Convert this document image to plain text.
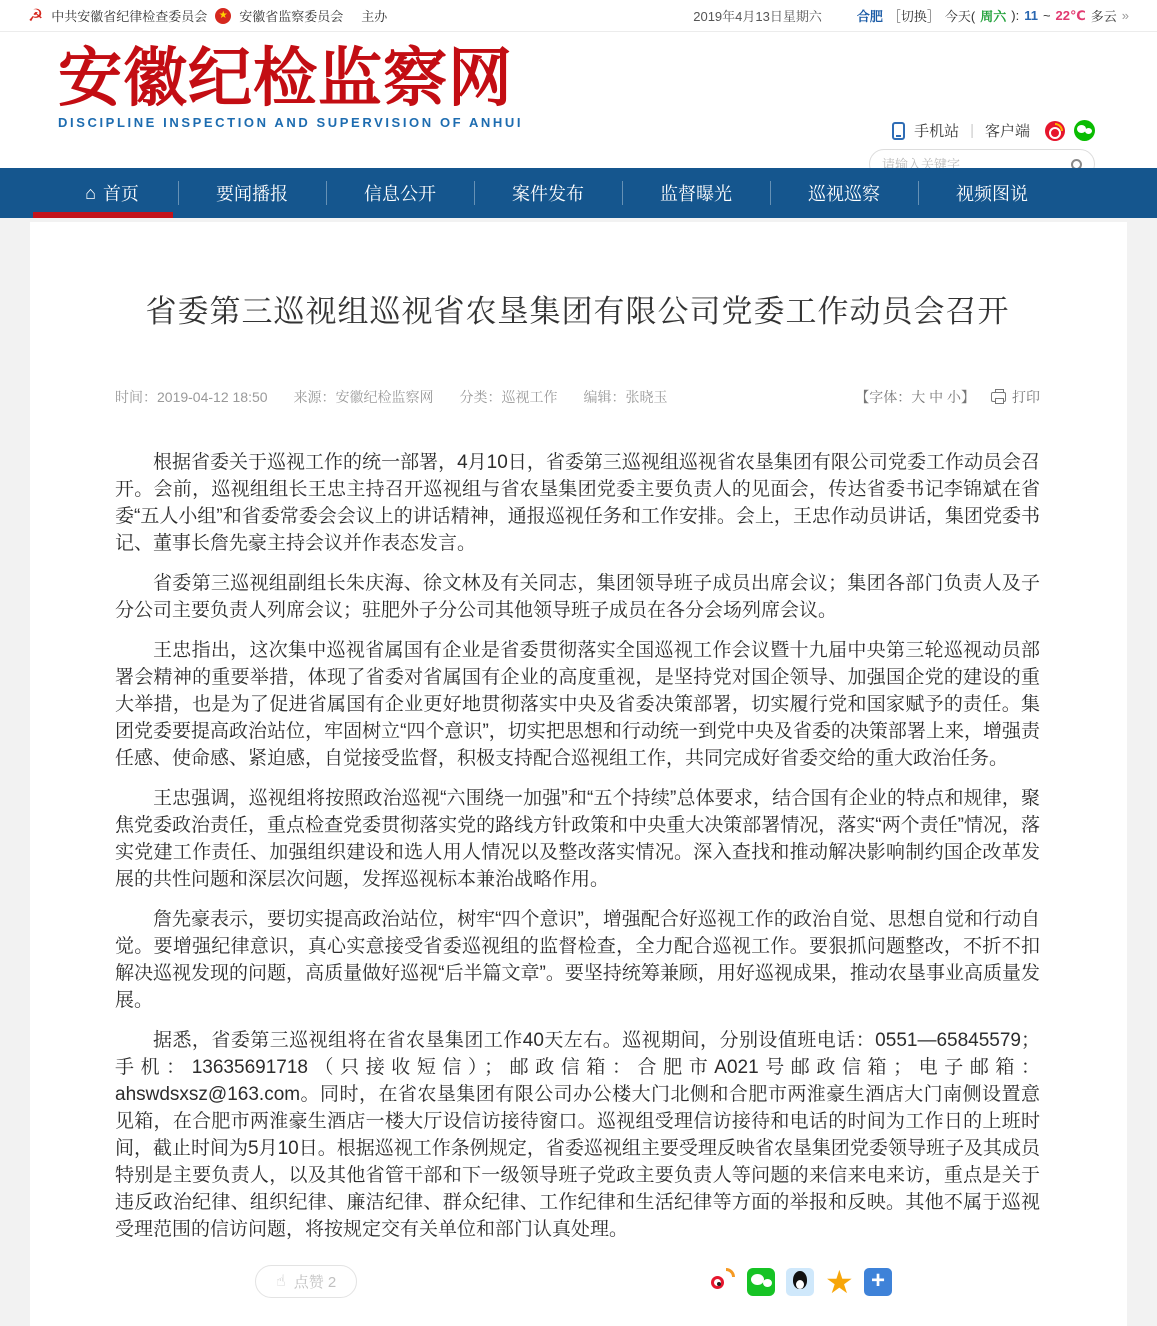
☭ 中共安徽省纪律检查委员会	★ 安徽省监察委员会 主办	2019年4月13日星期六	合肥 ［切换］ 今天( 周六 ): 11 ~ 22℃ 多云 »
安徽纪检监察网
DISCIPLINE INSPECTION AND SUPERVISION OF ANHUI
手机站 | 客户端
请输入关键字
⌂ 首页	要闻播报	信息公开	案件发布	监督曝光	巡视巡察	视频图说
省委第三巡视组巡视省农垦集团有限公司党委工作动员会召开
时间：2019-04-12 18:50 来源：安徽纪检监察网 分类：巡视工作 编辑：张晓玉	【字体：大 中 小】	打印

根据省委关于巡视工作的统一部署，4月10日，省委第三巡视组巡视省农垦集团有限公司党委工作动员会召开。会前，巡视组组长王忠主持召开巡视组与省农垦集团党委主要负责人的见面会，传达省委书记李锦斌在省委“五人小组”和省委常委会会议上的讲话精神，通报巡视任务和工作安排。会上，王忠作动员讲话，集团党委书记、董事长詹先豪主持会议并作表态发言。

省委第三巡视组副组长朱庆海、徐文林及有关同志，集团领导班子成员出席会议；集团各部门负责人及子分公司主要负责人列席会议；驻肥外子分公司其他领导班子成员在各分会场列席会议。

王忠指出，这次集中巡视省属国有企业是省委贯彻落实全国巡视工作会议暨十九届中央第三轮巡视动员部署会精神的重要举措，体现了省委对省属国有企业的高度重视，是坚持党对国企领导、加强国企党的建设的重大举措，也是为了促进省属国有企业更好地贯彻落实中央及省委决策部署，切实履行党和国家赋予的责任。集团党委要提高政治站位，牢固树立“四个意识”，切实把思想和行动统一到党中央及省委的决策部署上来，增强责任感、使命感、紧迫感，自觉接受监督，积极支持配合巡视组工作，共同完成好省委交给的重大政治任务。

王忠强调，巡视组将按照政治巡视“六围绕一加强”和“五个持续”总体要求，结合国有企业的特点和规律，聚焦党委政治责任，重点检查党委贯彻落实党的路线方针政策和中央重大决策部署情况，落实“两个责任”情况，落实党建工作责任、加强组织建设和选人用人情况以及整改落实情况。深入查找和推动解决影响制约国企改革发展的共性问题和深层次问题，发挥巡视标本兼治战略作用。

詹先豪表示，要切实提高政治站位，树牢“四个意识”，增强配合好巡视工作的政治自觉、思想自觉和行动自觉。要增强纪律意识，真心实意接受省委巡视组的监督检查，全力配合巡视工作。要狠抓问题整改，不折不扣解决巡视发现的问题，高质量做好巡视“后半篇文章”。要坚持统筹兼顾，用好巡视成果，推动农垦事业高质量发展。

据悉，省委第三巡视组将在省农垦集团工作40天左右。巡视期间，分别设值班电话：0551—65845579；手机：13635691718（只接收短信）；邮政信箱：合肥市A021号邮政信箱；电子邮箱：ahswdsxsz@163.com。同时，在省农垦集团有限公司办公楼大门北侧和合肥市两淮豪生酒店大门南侧设置意见箱，在合肥市两淮豪生酒店一楼大厅设信访接待窗口。巡视组受理信访接待和电话的时间为工作日的上班时间，截止时间为5月10日。根据巡视工作条例规定，省委巡视组主要受理反映省农垦集团党委领导班子及其成员特别是主要负责人，以及其他省管干部和下一级领导班子党政主要负责人等问题的来信来电来访，重点是关于违反政治纪律、组织纪律、廉洁纪律、群众纪律、工作纪律和生活纪律等方面的举报和反映。其他不属于巡视受理范围的信访问题，将按规定交有关单位和部门认真处理。

☝ 点赞 2	★ +
